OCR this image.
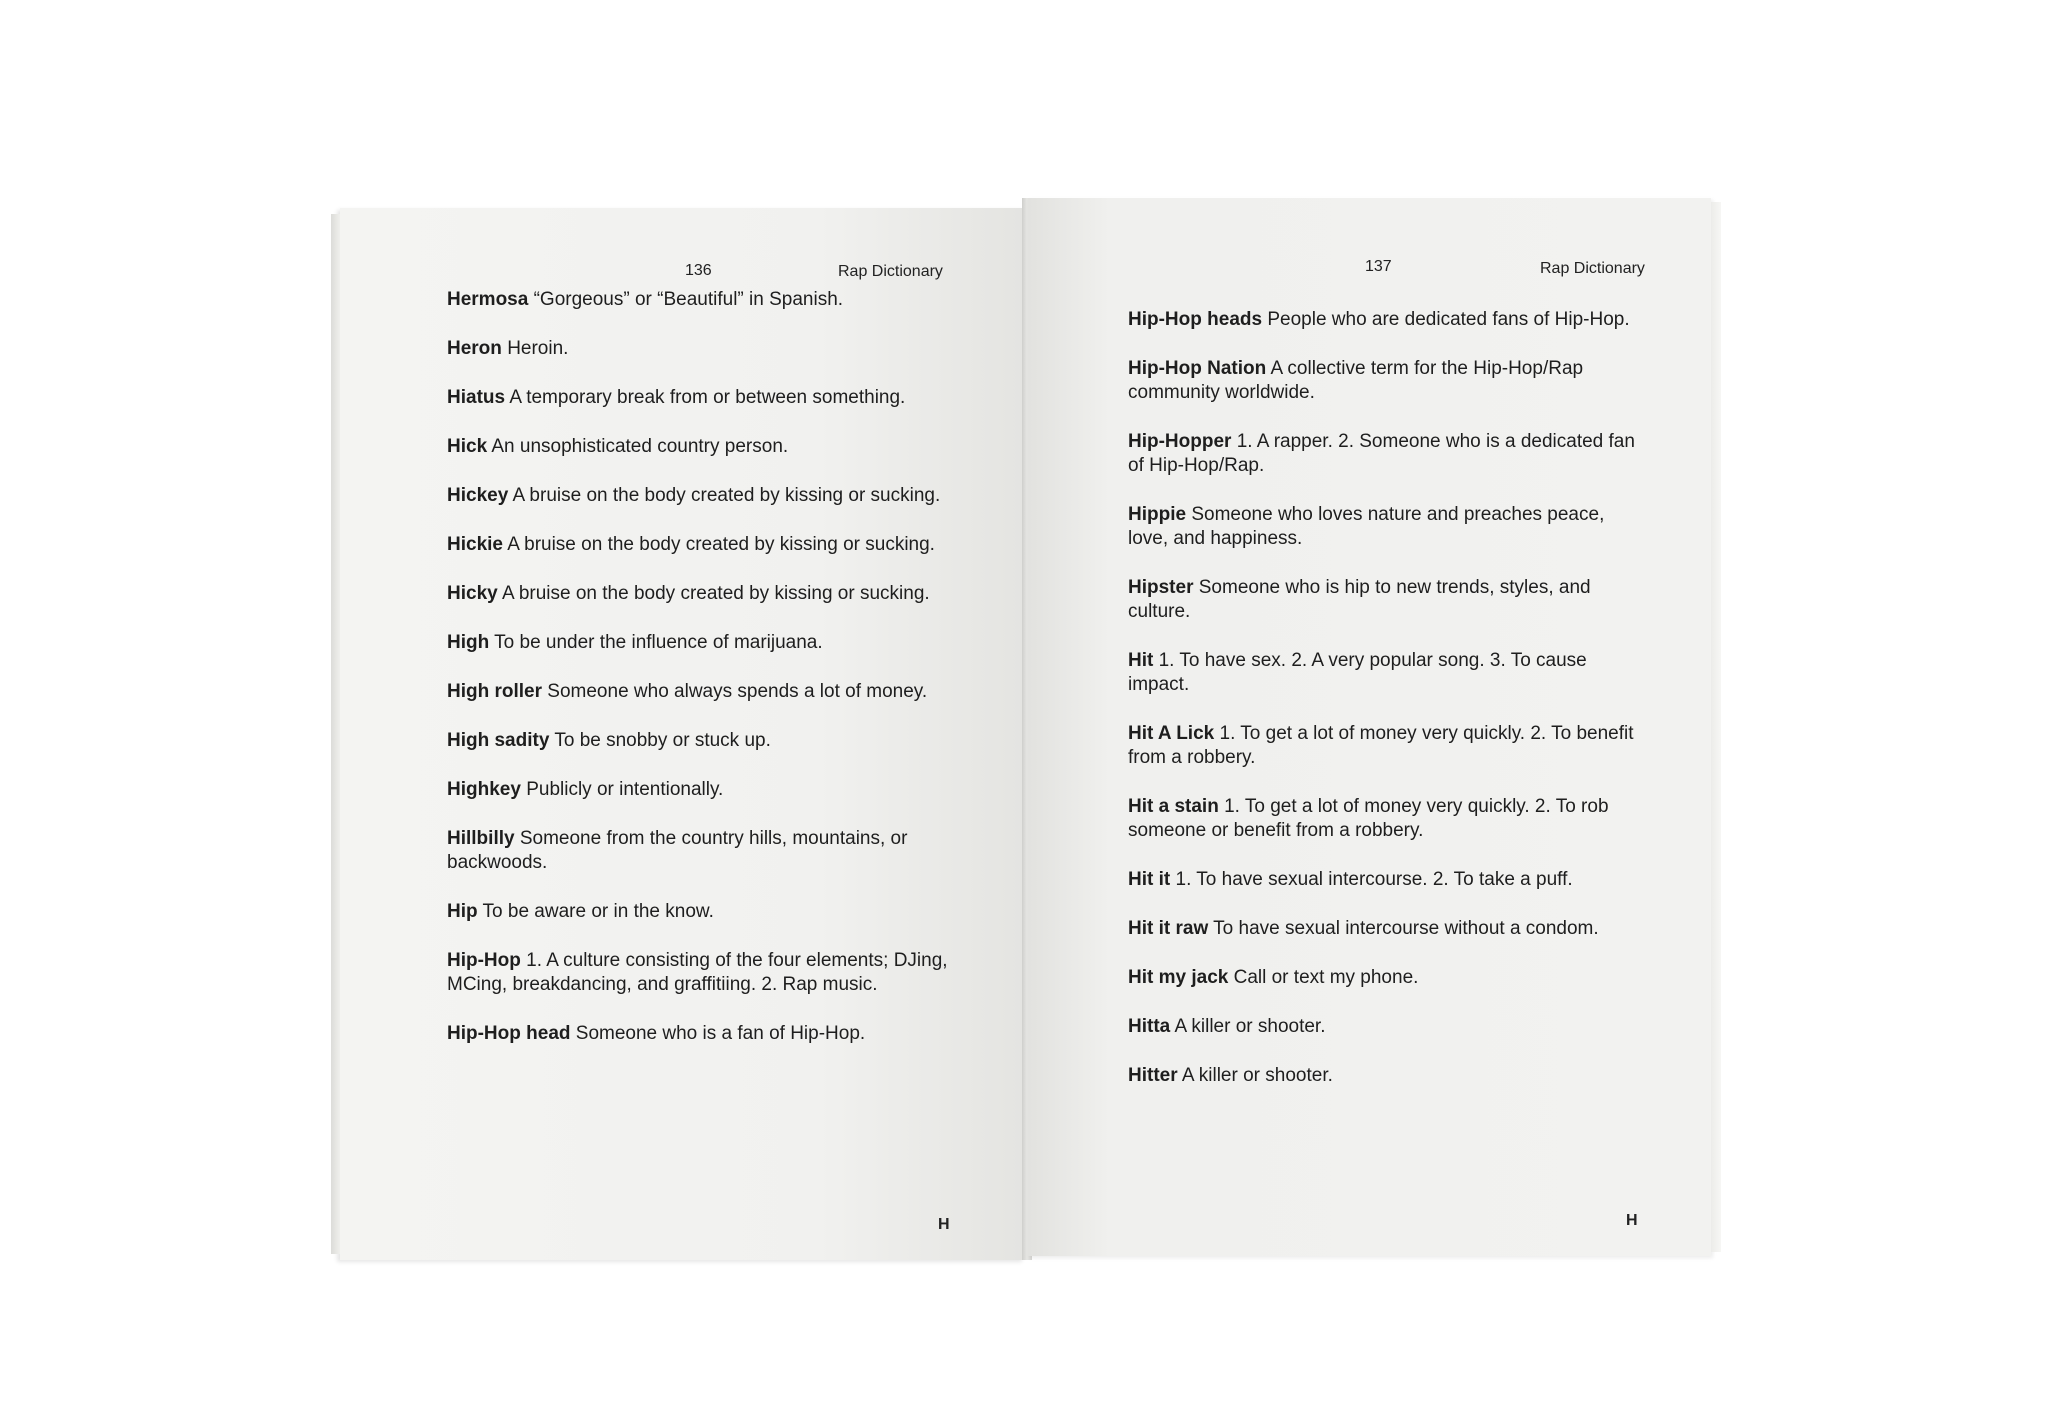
136	Rap Dictionary
Hermosa “Gorgeous” or “Beautiful” in Spanish.
Heron Heroin.
Hiatus A temporary break from or between something.
Hick An unsophisticated country person.
Hickey A bruise on the body created by kissing or sucking.
Hickie A bruise on the body created by kissing or sucking.
Hicky A bruise on the body created by kissing or sucking.
High To be under the influence of marijuana.
High roller Someone who always spends a lot of money.
High sadity To be snobby or stuck up.
Highkey Publicly or intentionally.
Hillbilly Someone from the country hills, mountains, or backwoods.
Hip To be aware or in the know.
Hip-Hop 1. A culture consisting of the four elements; DJing, MCing, breakdancing, and graffitiing. 2. Rap music.
Hip-Hop head Someone who is a fan of Hip-Hop.
H
137	Rap Dictionary
Hip-Hop heads People who are dedicated fans of Hip-Hop.
Hip-Hop Nation A collective term for the Hip-Hop/Rap community worldwide.
Hip-Hopper 1. A rapper. 2. Someone who is a dedicated fan of Hip-Hop/Rap.
Hippie Someone who loves nature and preaches peace, love, and happiness.
Hipster Someone who is hip to new trends, styles, and culture.
Hit 1. To have sex. 2. A very popular song. 3. To cause impact.
Hit A Lick 1. To get a lot of money very quickly. 2. To benefit from a robbery.
Hit a stain 1. To get a lot of money very quickly. 2. To rob someone or benefit from a robbery.
Hit it 1. To have sexual intercourse. 2. To take a puff.
Hit it raw To have sexual intercourse without a condom.
Hit my jack Call or text my phone.
Hitta A killer or shooter.
Hitter A killer or shooter.
H
